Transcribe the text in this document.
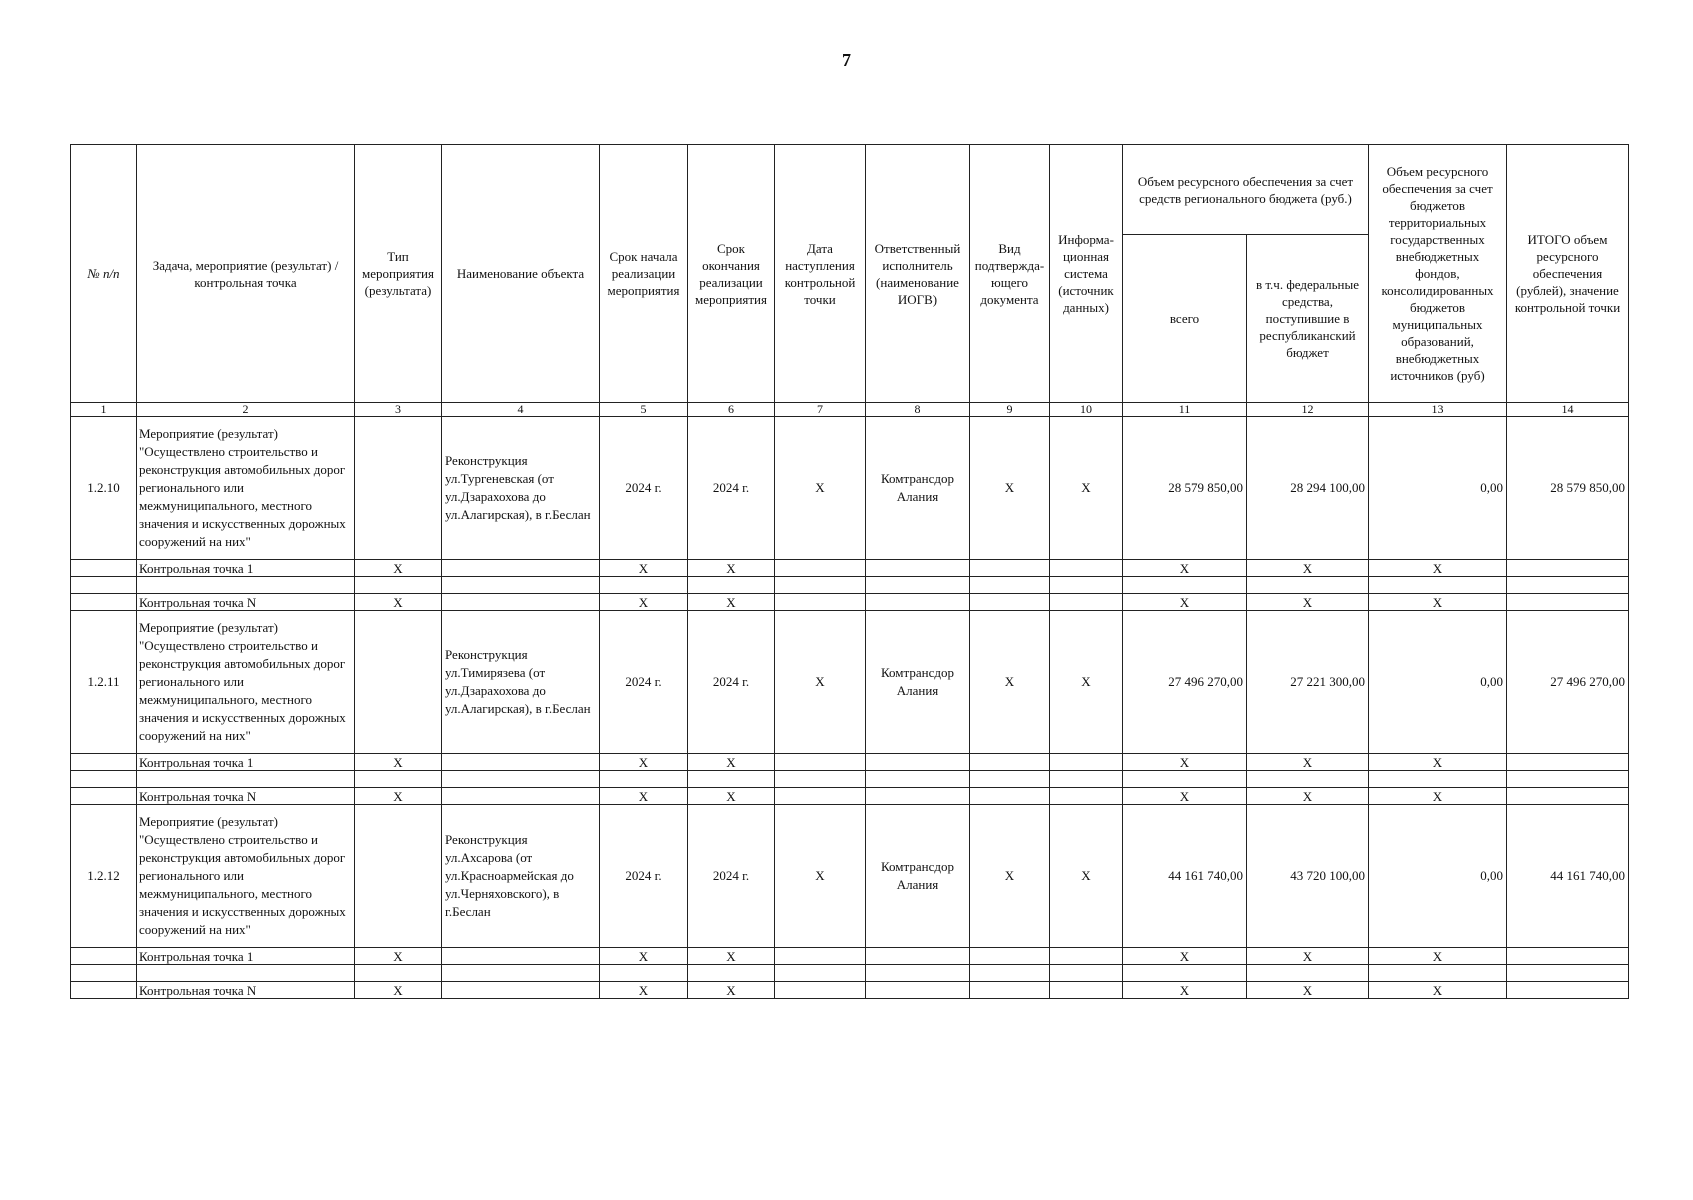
7
№ п/п	Задача, мероприятие (результат) / контрольная точка	Тип мероприятия (результата)	Наименование объекта	Срок начала реализации мероприятия	Срок окончания реализации мероприятия	Дата наступления контрольной точки	Ответственный исполнитель (наименование ИОГВ)	Вид подтвержда-ющего документа	Информа-ционная система (источник данных)	Объем ресурсного обеспечения за счет средств регионального бюджета (руб.)		Объем ресурсного обеспечения за счет бюджетов территориальных государственных внебюджетных фондов, консолидированных бюджетов муниципальных образований, внебюджетных источников (руб)	ИТОГО объем ресурсного обеспечения (рублей), значение контрольной точки
										всего	в т.ч. федеральные средства, поступившие в республиканский бюджет		
1	2	3	4	5	6	7	8	9	10	11	12	13	14
1.2.10	Мероприятие (результат) "Осуществлено строительство и реконструкция автомобильных дорог регионального или межмуниципального, местного значения и искусственных дорожных сооружений на них"		Реконструкция ул.Тургеневская (от ул.Дзарахохова до ул.Алагирская), в г.Беслан	2024 г.	2024 г.	X	Комтрансдор Алания	X	X	28 579 850,00	28 294 100,00	0,00	28 579 850,00
	Контрольная точка 1	X		X	X					X	X	X	

	Контрольная точка N	X		X	X					X	X	X	
1.2.11	Мероприятие (результат) "Осуществлено строительство и реконструкция автомобильных дорог регионального или межмуниципального, местного значения и искусственных дорожных сооружений на них"		Реконструкция ул.Тимирязева (от ул.Дзарахохова до ул.Алагирская), в г.Беслан	2024 г.	2024 г.	X	Комтрансдор Алания	X	X	27 496 270,00	27 221 300,00	0,00	27 496 270,00
	Контрольная точка 1	X		X	X					X	X	X	

	Контрольная точка N	X		X	X					X	X	X	
1.2.12	Мероприятие (результат) "Осуществлено строительство и реконструкция автомобильных дорог регионального или межмуниципального, местного значения и искусственных дорожных сооружений на них"		Реконструкция ул.Ахсарова (от ул.Красноармейская до ул.Черняховского), в г.Беслан	2024 г.	2024 г.	X	Комтрансдор Алания	X	X	44 161 740,00	43 720 100,00	0,00	44 161 740,00
	Контрольная точка 1	X		X	X					X	X	X	

	Контрольная точка N	X		X	X					X	X	X	
